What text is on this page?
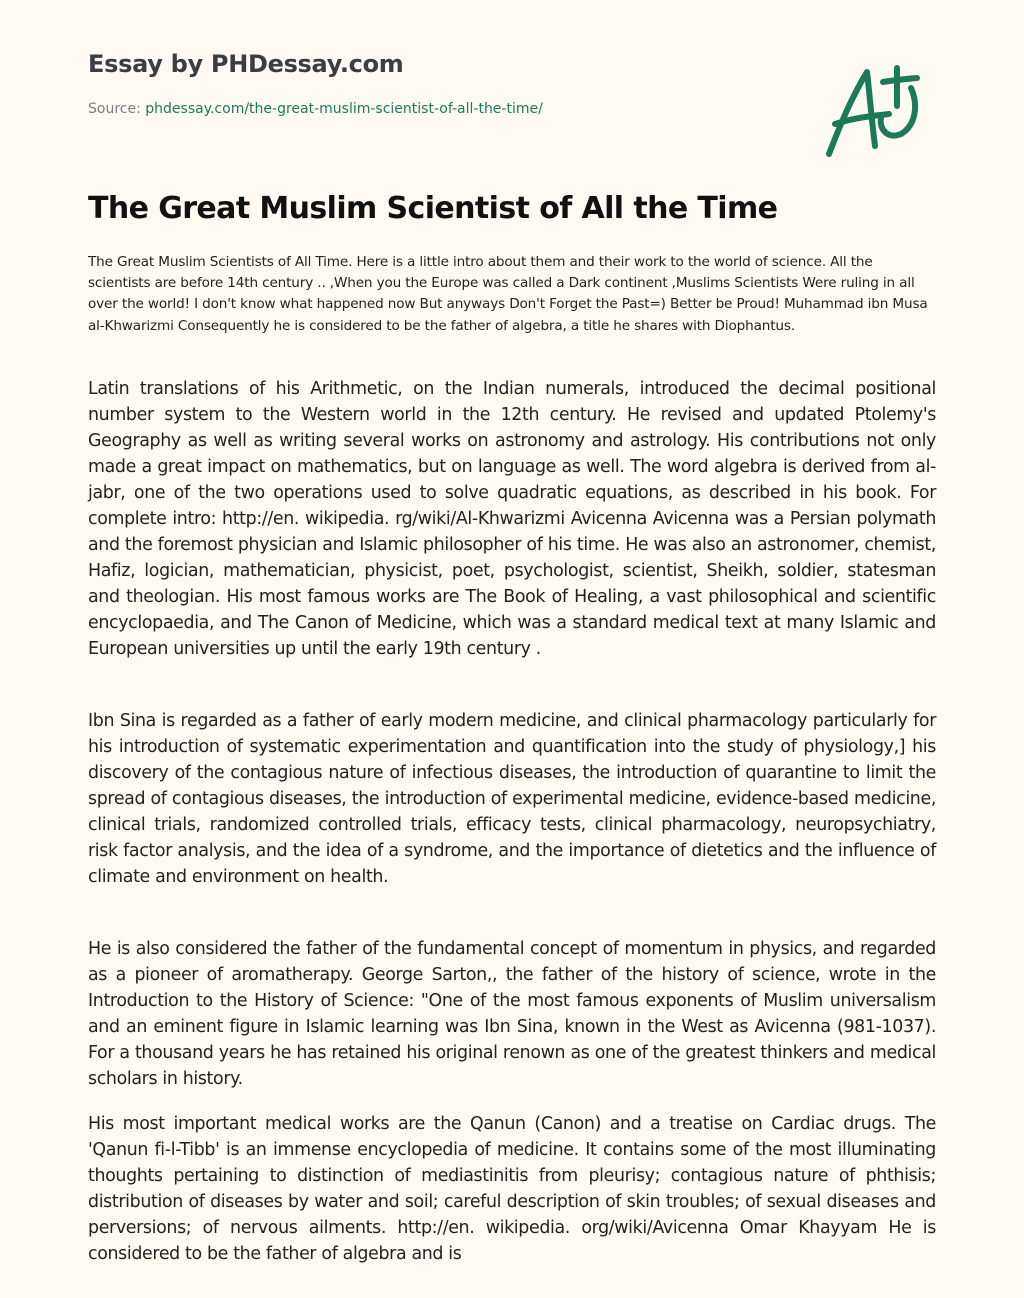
Essay by PHDessay.com
Source: phdessay.com/the-great-muslim-scientist-of-all-the-time/
The Great Muslim Scientist of All the Time

The Great Muslim Scientists of All Time. Here is a little intro about them and their work to the world of science. All the scientists are before 14th century .. ,When you the Europe was called a Dark continent ,Muslims Scientists Were ruling in all over the world! I don't know what happened now But anyways Don't Forget the Past=) Better be Proud! Muhammad ibn Musa al-Khwarizmi Consequently he is considered to be the father of algebra, a title he shares with Diophantus.

Latin translations of his Arithmetic, on the Indian numerals, introduced the decimal positional number system to the Western world in the 12th century. He revised and updated Ptolemy's Geography as well as writing several works on astronomy and astrology. His contributions not only made a great impact on mathematics, but on language as well. The word algebra is derived from al-jabr, one of the two operations used to solve quadratic equations, as described in his book. For complete intro: http://en. wikipedia. rg/wiki/Al-Khwarizmi Avicenna Avicenna was a Persian polymath and the foremost physician and Islamic philosopher of his time. He was also an astronomer, chemist, Hafiz, logician, mathematician, physicist, poet, psychologist, scientist, Sheikh, soldier, statesman and theologian. His most famous works are The Book of Healing, a vast philosophical and scientific encyclopaedia, and The Canon of Medicine, which was a standard medical text at many Islamic and European universities up until the early 19th century .

Ibn Sina is regarded as a father of early modern medicine, and clinical pharmacology particularly for his introduction of systematic experimentation and quantification into the study of physiology,] his discovery of the contagious nature of infectious diseases, the introduction of quarantine to limit the spread of contagious diseases, the introduction of experimental medicine, evidence-based medicine, clinical trials, randomized controlled trials, efficacy tests, clinical pharmacology, neuropsychiatry, risk factor analysis, and the idea of a syndrome, and the importance of dietetics and the influence of climate and environment on health.

He is also considered the father of the fundamental concept of momentum in physics, and regarded as a pioneer of aromatherapy. George Sarton,, the father of the history of science, wrote in the Introduction to the History of Science: "One of the most famous exponents of Muslim universalism and an eminent figure in Islamic learning was Ibn Sina, known in the West as Avicenna (981-1037). For a thousand years he has retained his original renown as one of the greatest thinkers and medical scholars in history.

His most important medical works are the Qanun (Canon) and a treatise on Cardiac drugs. The 'Qanun fi-l-Tibb' is an immense encyclopedia of medicine. It contains some of the most illuminating thoughts pertaining to distinction of mediastinitis from pleurisy; contagious nature of phthisis; distribution of diseases by water and soil; careful description of skin troubles; of sexual diseases and perversions; of nervous ailments. http://en. wikipedia. org/wiki/Avicenna Omar Khayyam He is considered to be the father of algebra and is
